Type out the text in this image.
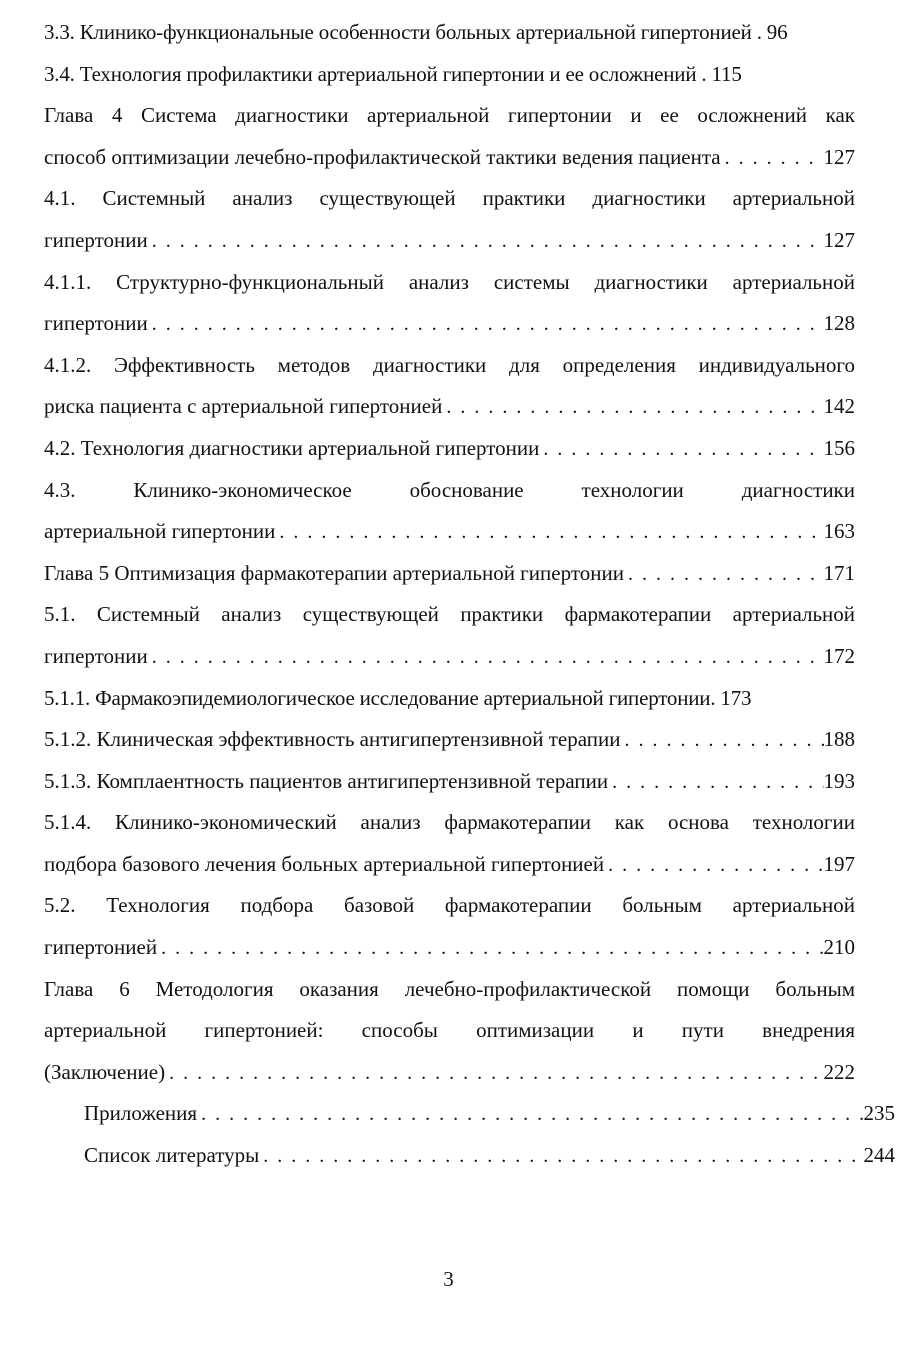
3.3. Клинико-функциональные особенности больных артериальной гипертонией . 96
3.4. Технология профилактики артериальной гипертонии и ее осложнений . 115
Глава 4 Система диагностики артериальной гипертонии и ее осложнений как
способ оптимизации лечебно-профилактической тактики ведения пациента . . .	127
4.1. Системный анализ существующей практики диагностики артериальной
гипертонии . . .	127
4.1.1. Структурно-функциональный анализ системы диагностики артериальной
гипертонии . . .	128
4.1.2. Эффективность методов диагностики для определения индивидуального
риска пациента с артериальной гипертонией . . .	142
4.2. Технология диагностики артериальной гипертонии . . .	156
4.3. Клинико-экономическое обоснование технологии диагностики
артериальной гипертонии . . .	163
Глава 5 Оптимизация фармакотерапии артериальной гипертонии . . .	171
5.1. Системный анализ существующей практики фармакотерапии артериальной
гипертонии . . .	172
5.1.1. Фармакоэпидемиологическое исследование артериальной гипертонии. 173
5.1.2. Клиническая эффективность антигипертензивной терапии . . .	188
5.1.3. Комплаентность пациентов антигипертензивной терапии . . .	193
5.1.4. Клинико-экономический анализ фармакотерапии как основа технологии
подбора базового лечения больных артериальной гипертонией . . .	197
5.2. Технология подбора базовой фармакотерапии больным артериальной
гипертонией . . .	210
Глава 6 Методология оказания лечебно-профилактической помощи больным
артериальной гипертонией: способы оптимизации и пути внедрения
(Заключение) . . .	222
Приложения . . .	235
Список литературы . . .	244
3
